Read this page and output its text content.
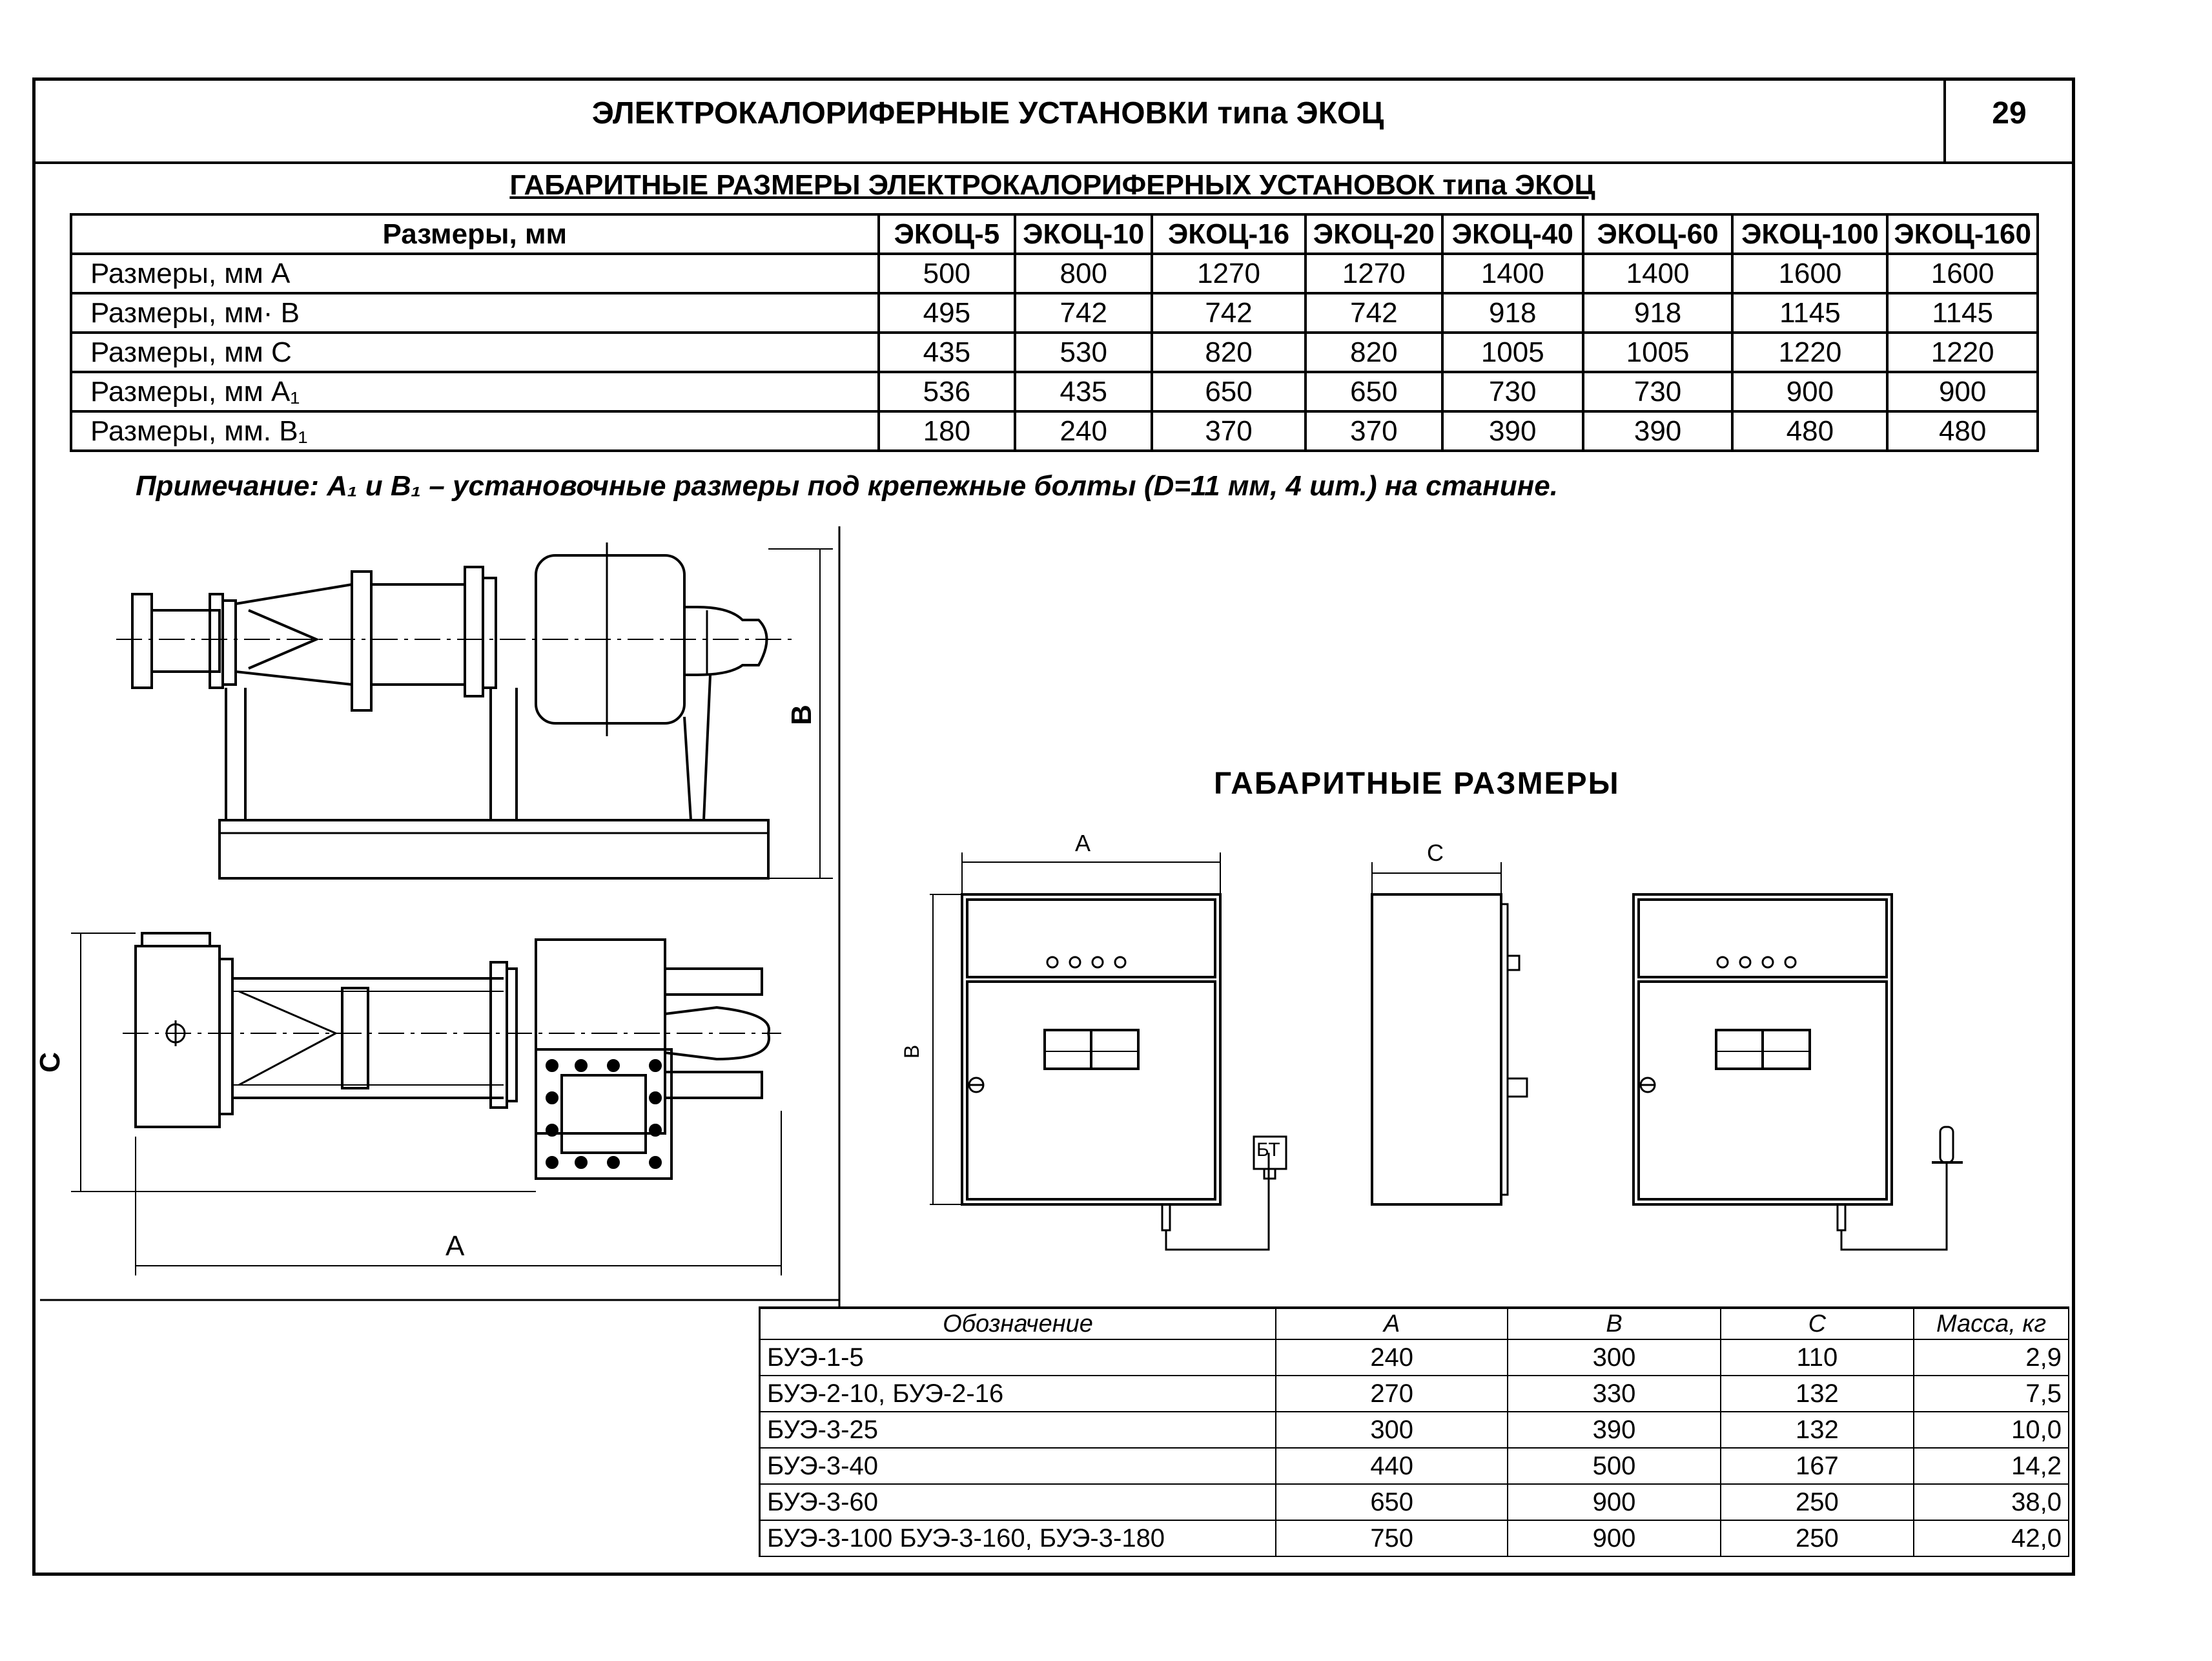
ЭЛЕКТРОКАЛОРИФЕРНЫЕ УСТАНОВКИ типа ЭКОЦ	29
ГАБАРИТНЫЕ РАЗМЕРЫ ЭЛЕКТРОКАЛОРИФЕРНЫХ УСТАНОВОК типа ЭКОЦ
Размеры, мм	ЭКОЦ-5	ЭКОЦ-10	ЭКОЦ-16	ЭКОЦ-20	ЭКОЦ-40	ЭКОЦ-60	ЭКОЦ-100	ЭКОЦ-160
Размеры, мм А	500	800	1270	1270	1400	1400	1600	1600
Размеры, мм· В	495	742	742	742	918	918	1145	1145
Размеры, мм С	435	530	820	820	1005	1005	1220	1220
Размеры, мм А₁	536	435	650	650	730	730	900	900
Размеры, мм. В₁	180	240	370	370	390	390	480	480
Примечание: А₁ и В₁ – установочные размеры под крепежные болты (D=11 мм, 4 шт.) на станине.
В
С
А
ГАБАРИТНЫЕ РАЗМЕРЫ
А	С
В
БТ
Обозначение	А	В	С	Масса, кг
БУЭ-1-5	240	300	110	2,9
БУЭ-2-10, БУЭ-2-16	270	330	132	7,5
БУЭ-3-25	300	390	132	10,0
БУЭ-3-40	440	500	167	14,2
БУЭ-3-60	650	900	250	38,0
БУЭ-3-100 БУЭ-3-160, БУЭ-3-180	750	900	250	42,0
